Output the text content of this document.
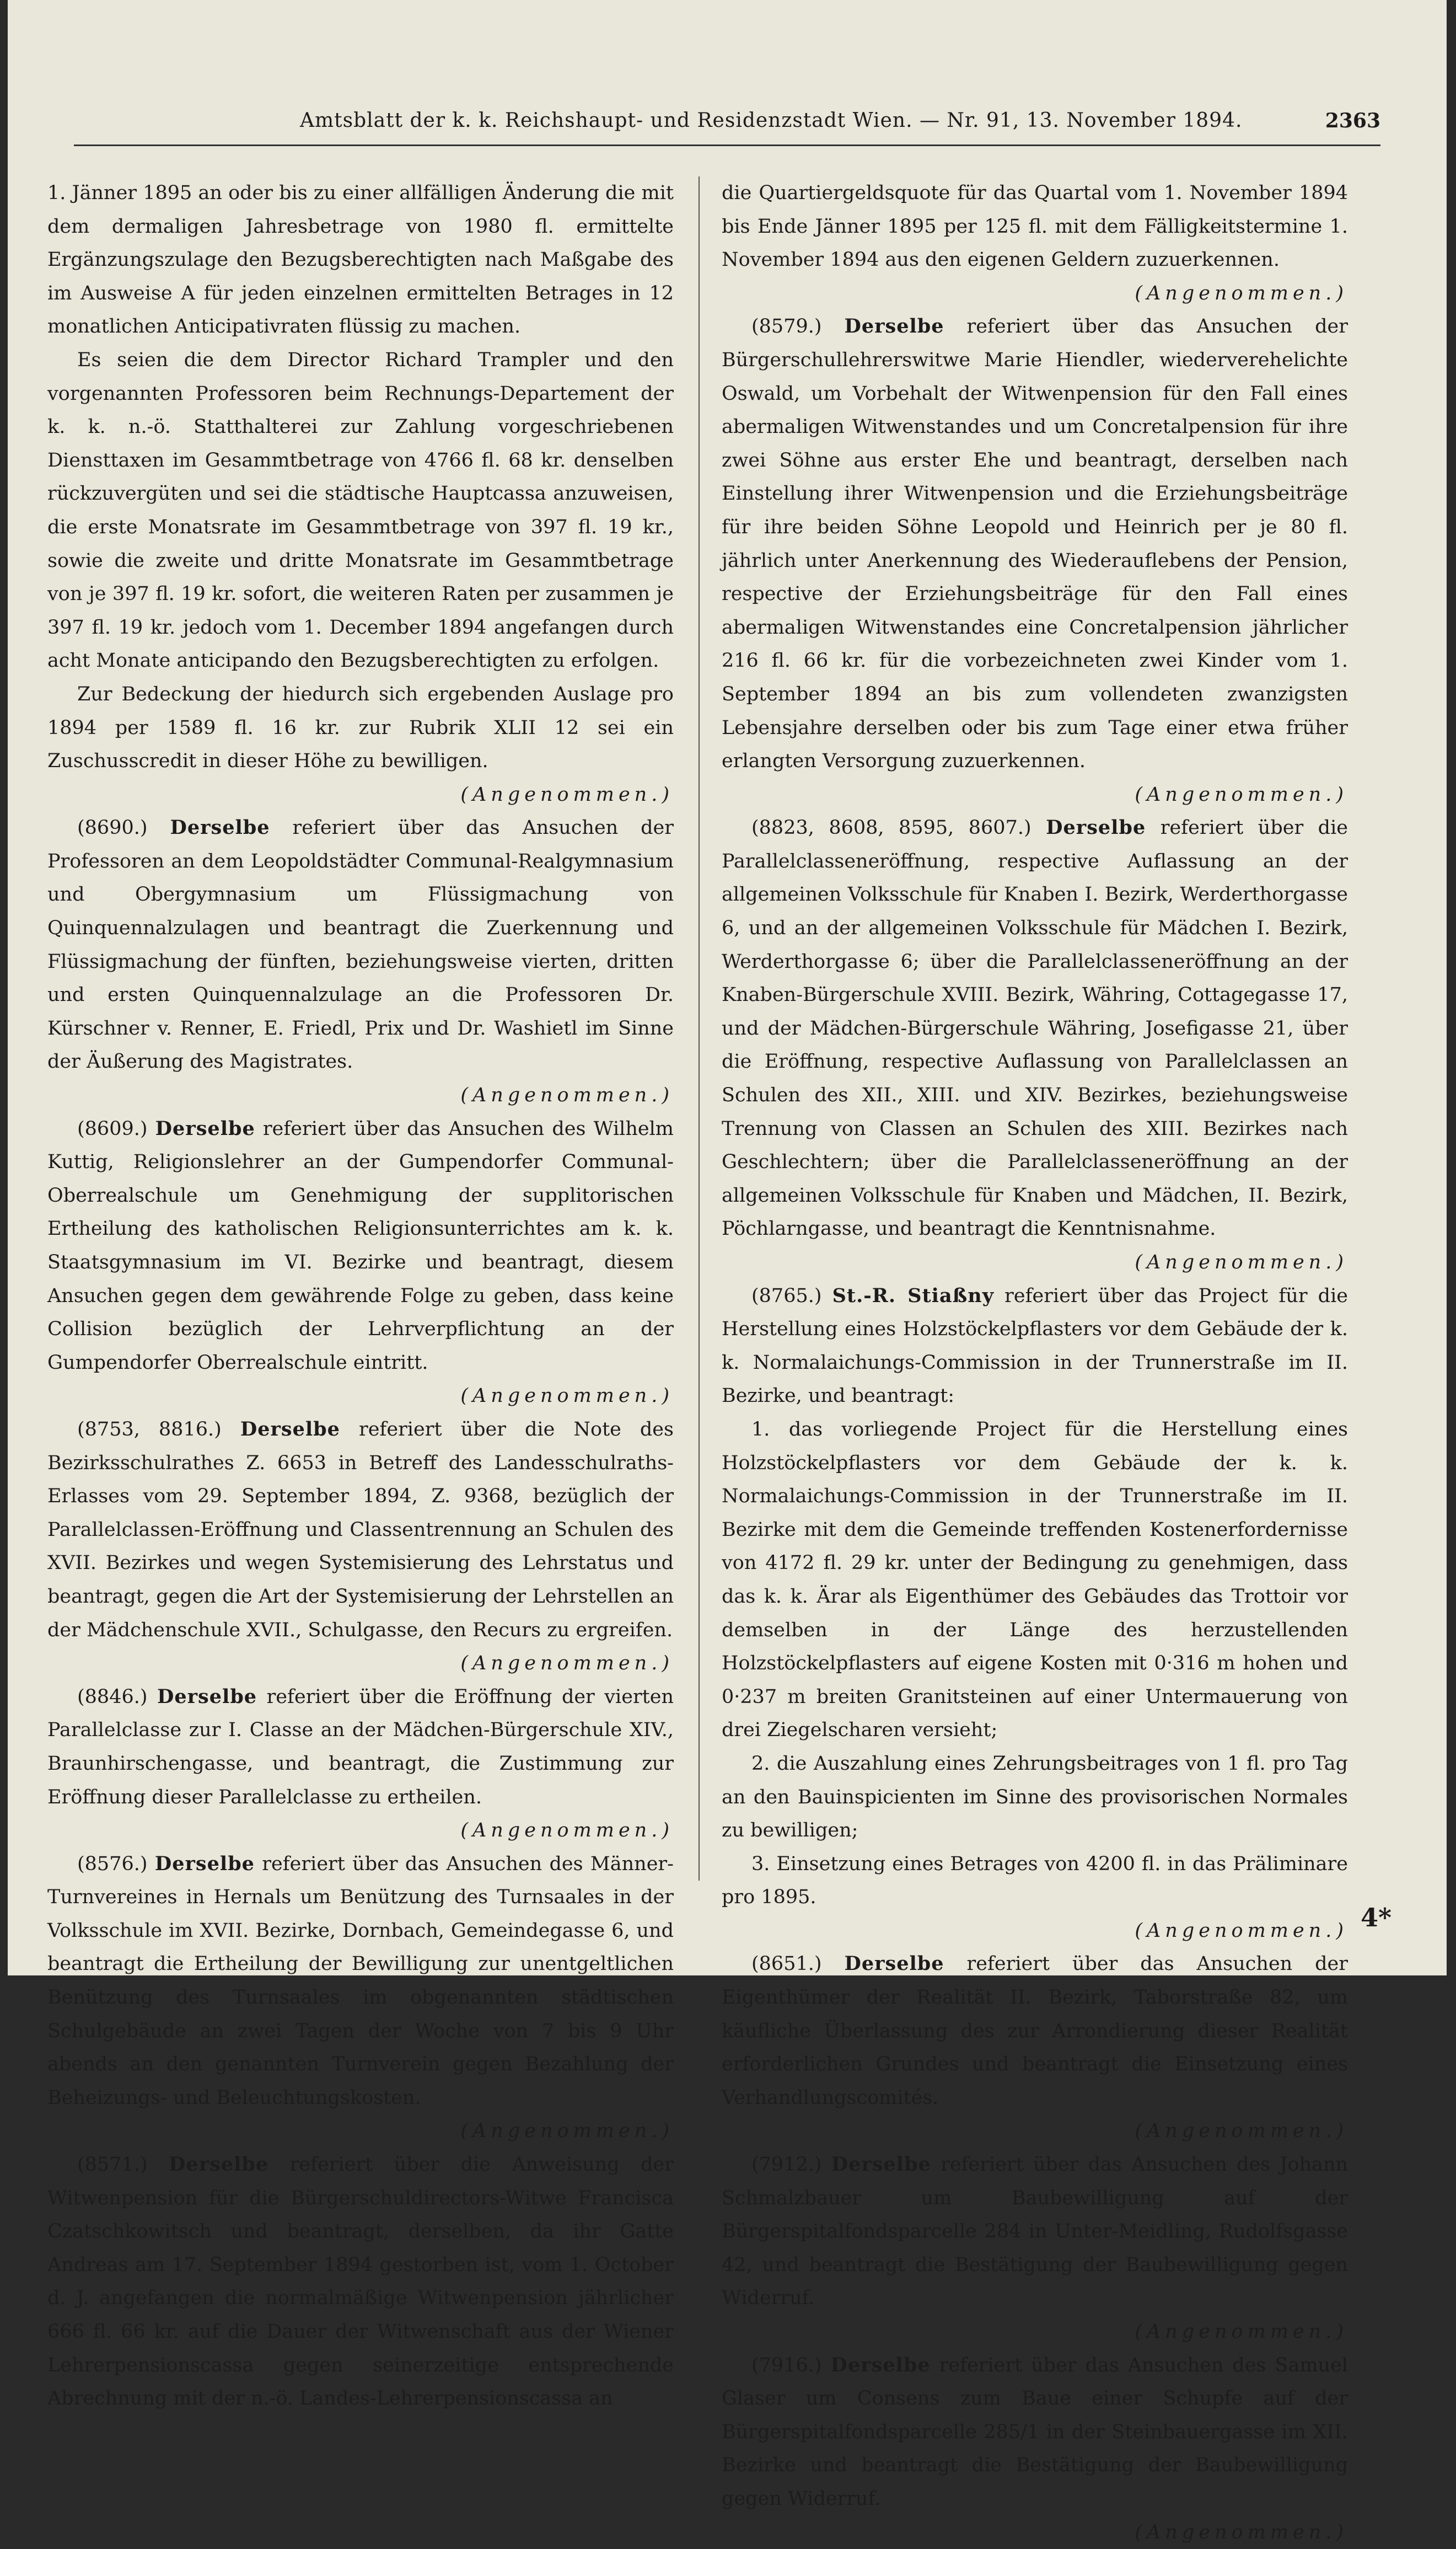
Amtsblatt der k. k. Reichshaupt- und Residenzstadt Wien. — Nr. 91, 13. November 1894.	2363

1. Jänner 1895 an oder bis zu einer allfälligen Änderung die mit dem dermaligen Jahresbetrage von 1980 fl. ermittelte Ergänzungszulage den Bezugsberechtigten nach Maßgabe des im Ausweise A für jeden einzelnen ermittelten Betrages in 12 monatlichen Anticipativraten flüssig zu machen.

Es seien die dem Director Richard Trampler und den vorgenannten Professoren beim Rechnungs-Departement der k. k. n.-ö. Statthalterei zur Zahlung vorgeschriebenen Diensttaxen im Gesammtbetrage von 4766 fl. 68 kr. denselben rückzuvergüten und sei die städtische Hauptcassa anzuweisen, die erste Monatsrate im Gesammtbetrage von 397 fl. 19 kr., sowie die zweite und dritte Monatsrate im Gesammtbetrage von je 397 fl. 19 kr. sofort, die weiteren Raten per zusammen je 397 fl. 19 kr. jedoch vom 1. December 1894 angefangen durch acht Monate anticipando den Bezugsberechtigten zu erfolgen.

Zur Bedeckung der hiedurch sich ergebenden Auslage pro 1894 per 1589 fl. 16 kr. zur Rubrik XLII 12 sei ein Zuschusscredit in dieser Höhe zu bewilligen.
(Angenommen.)

(8690.) Derselbe referiert über das Ansuchen der Professoren an dem Leopoldstädter Communal-Realgymnasium und Obergymnasium um Flüssigmachung von Quinquennalzulagen und beantragt die Zuerkennung und Flüssigmachung der fünften, beziehungsweise vierten, dritten und ersten Quinquennalzulage an die Professoren Dr. Kürschner v. Renner, E. Friedl, Prix und Dr. Washietl im Sinne der Äußerung des Magistrates.
(Angenommen.)

(8609.) Derselbe referiert über das Ansuchen des Wilhelm Kuttig, Religionslehrer an der Gumpendorfer Communal-Oberrealschule um Genehmigung der supplitorischen Ertheilung des katholischen Religionsunterrichtes am k. k. Staatsgymnasium im VI. Bezirke und beantragt, diesem Ansuchen gegen dem gewährende Folge zu geben, dass keine Collision bezüglich der Lehrverpflichtung an der Gumpendorfer Oberrealschule eintritt.
(Angenommen.)

(8753, 8816.) Derselbe referiert über die Note des Bezirksschulrathes Z. 6653 in Betreff des Landesschulraths-Erlasses vom 29. September 1894, Z. 9368, bezüglich der Parallelclassen-Eröffnung und Classentrennung an Schulen des XVII. Bezirkes und wegen Systemisierung des Lehrstatus und beantragt, gegen die Art der Systemisierung der Lehrstellen an der Mädchenschule XVII., Schulgasse, den Recurs zu ergreifen.
(Angenommen.)

(8846.) Derselbe referiert über die Eröffnung der vierten Parallelclasse zur I. Classe an der Mädchen-Bürgerschule XIV., Braunhirschengasse, und beantragt, die Zustimmung zur Eröffnung dieser Parallelclasse zu ertheilen.
(Angenommen.)

(8576.) Derselbe referiert über das Ansuchen des Männer-Turnvereines in Hernals um Benützung des Turnsaales in der Volksschule im XVII. Bezirke, Dornbach, Gemeindegasse 6, und beantragt die Ertheilung der Bewilligung zur unentgeltlichen Benützung des Turnsaales im obgenannten städtischen Schulgebäude an zwei Tagen der Woche von 7 bis 9 Uhr abends an den genannten Turnverein gegen Bezahlung der Beheizungs- und Beleuchtungskosten.
(Angenommen.)

(8571.) Derselbe referiert über die Anweisung der Witwenpension für die Bürgerschuldirectors-Witwe Francisca Czatschkowitsch und beantragt, derselben, da ihr Gatte Andreas am 17. September 1894 gestorben ist, vom 1. October d. J. angefangen die normalmäßige Witwenpension jährlicher 666 fl. 66 kr. auf die Dauer der Witwenschaft aus der Wiener Lehrerpensionscassa gegen seinerzeitige entsprechende Abrechnung mit der n.-ö. Landes-Lehrerpensionscassa an

die Quartiergeldsquote für das Quartal vom 1. November 1894 bis Ende Jänner 1895 per 125 fl. mit dem Fälligkeitstermine 1. November 1894 aus den eigenen Geldern zuzuerkennen.
(Angenommen.)

(8579.) Derselbe referiert über das Ansuchen der Bürgerschullehrerswitwe Marie Hiendler, wiederverehelichte Oswald, um Vorbehalt der Witwenpension für den Fall eines abermaligen Witwenstandes und um Concretalpension für ihre zwei Söhne aus erster Ehe und beantragt, derselben nach Einstellung ihrer Witwenpension und die Erziehungsbeiträge für ihre beiden Söhne Leopold und Heinrich per je 80 fl. jährlich unter Anerkennung des Wiederauflebens der Pension, respective der Erziehungsbeiträge für den Fall eines abermaligen Witwenstandes eine Concretalpension jährlicher 216 fl. 66 kr. für die vorbezeichneten zwei Kinder vom 1. September 1894 an bis zum vollendeten zwanzigsten Lebensjahre derselben oder bis zum Tage einer etwa früher erlangten Versorgung zuzuerkennen.
(Angenommen.)

(8823, 8608, 8595, 8607.) Derselbe referiert über die Parallelclasseneröffnung, respective Auflassung an der allgemeinen Volksschule für Knaben I. Bezirk, Werderthorgasse 6, und an der allgemeinen Volksschule für Mädchen I. Bezirk, Werderthorgasse 6; über die Parallelclasseneröffnung an der Knaben-Bürgerschule XVIII. Bezirk, Währing, Cottagegasse 17, und der Mädchen-Bürgerschule Währing, Josefigasse 21, über die Eröffnung, respective Auflassung von Parallelclassen an Schulen des XII., XIII. und XIV. Bezirkes, beziehungsweise Trennung von Classen an Schulen des XIII. Bezirkes nach Geschlechtern; über die Parallelclasseneröffnung an der allgemeinen Volksschule für Knaben und Mädchen, II. Bezirk, Pöchlarngasse, und beantragt die Kenntnisnahme.
(Angenommen.)

(8765.) St.-R. Stiaßny referiert über das Project für die Herstellung eines Holzstöckelpflasters vor dem Gebäude der k. k. Normalaichungs-Commission in der Trunnerstraße im II. Bezirke, und beantragt:

1. das vorliegende Project für die Herstellung eines Holzstöckelpflasters vor dem Gebäude der k. k. Normalaichungs-Commission in der Trunnerstraße im II. Bezirke mit dem die Gemeinde treffenden Kostenerfordernisse von 4172 fl. 29 kr. unter der Bedingung zu genehmigen, dass das k. k. Ärar als Eigenthümer des Gebäudes das Trottoir vor demselben in der Länge des herzustellenden Holzstöckelpflasters auf eigene Kosten mit 0·316 m hohen und 0·237 m breiten Granitsteinen auf einer Untermauerung von drei Ziegelscharen versieht;

2. die Auszahlung eines Zehrungsbeitrages von 1 fl. pro Tag an den Bauinspicienten im Sinne des provisorischen Normales zu bewilligen;

3. Einsetzung eines Betrages von 4200 fl. in das Präliminare pro 1895.
(Angenommen.)

(8651.) Derselbe referiert über das Ansuchen der Eigenthümer der Realität II. Bezirk, Taborstraße 82, um käufliche Überlassung des zur Arrondierung dieser Realität erforderlichen Grundes und beantragt die Einsetzung eines Verhandlungscomités.
(Angenommen.)

(7912.) Derselbe referiert über das Ansuchen des Johann Schmalzbauer um Baubewilligung auf der Bürgerspitalfondsparcelle 284 in Unter-Meidling, Rudolfsgasse 42, und beantragt die Bestätigung der Baubewilligung gegen Widerruf.
(Angenommen.)

(7916.) Derselbe referiert über das Ansuchen des Samuel Glaser um Consens zum Baue einer Schupfe auf der Bürgerspitalfondsparcelle 285/1 in der Steinbauergasse im XII. Bezirke und beantragt die Bestätigung der Baubewilligung gegen Widerruf.
(Angenommen.)

4*
